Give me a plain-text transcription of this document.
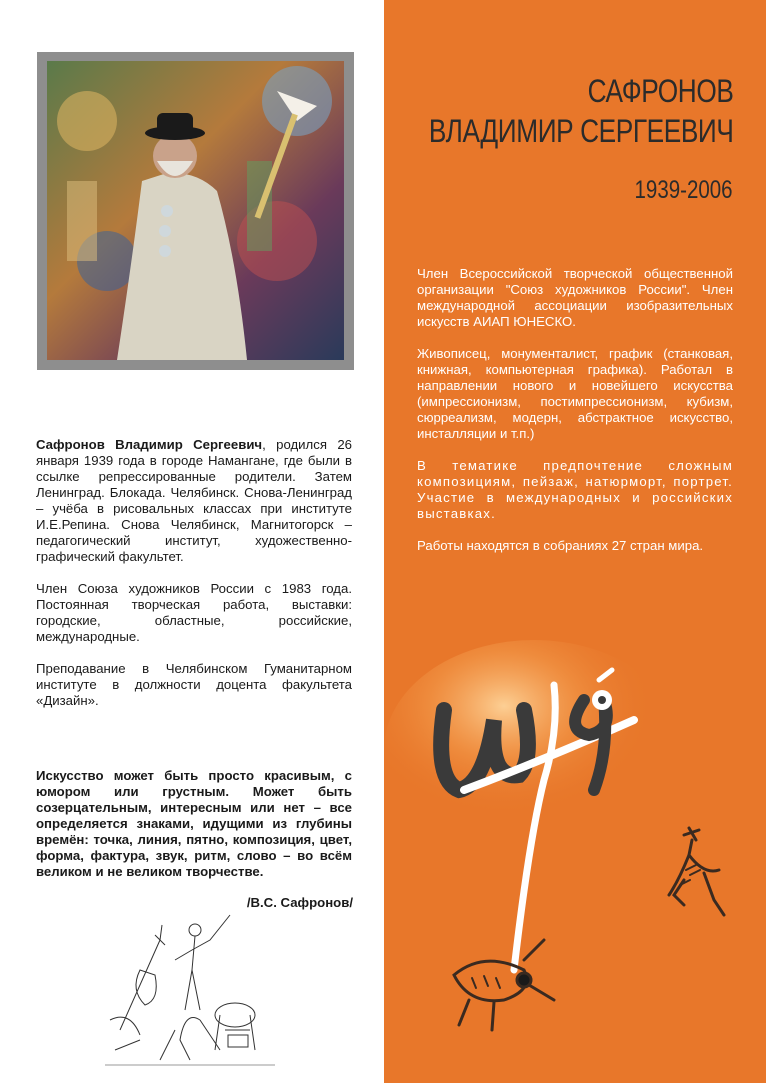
Сафронов Владимир Сергеевич, родился 26 января 1939 года в городе Намангане, где были в ссылке репрессированные родители. Затем Ленинград. Блокада. Челябинск. Снова-Ленинград – учёба в рисовальных классах при институте И.Е.Репина. Снова Челябинск, Магнитогорск – педагогический институт, художественно- графический факультет.

Член Союза художников России с 1983 года. Постоянная творческая работа, выставки: городские, областные, российские, международные.

Преподавание в Челябинском Гуманитарном институте в должности доцента факультета «Дизайн».

Искусство может быть просто красивым, с юмором или грустным. Может быть созерцательным, интересным или нет – все определяется знаками, идущими из глубины времён: точка, линия, пятно, композиция, цвет, форма, фактура, звук, ритм, слово – во всём великом и не великом творчестве.
/В.С. Сафронов/
САФРОНОВ
ВЛАДИМИР СЕРГЕЕВИЧ
1939-2006

Член Всероссийской творческой общественной организации "Союз художников России". Член международной ассоциации изобразительных искусств АИАП ЮНЕСКО.

Живописец, монументалист, график (станковая, книжная, компьютерная графика). Работал в направлении нового и новейшего искусства (импрессионизм, постимпрессионизм, кубизм, сюрреализм, модерн, абстрактное искусство, инсталляции и т.п.)

В тематике предпочтение сложным композициям, пейзаж, натюрморт, портрет. Участие в международных и российских выставках.

Работы находятся в собраниях 27 стран мира.
